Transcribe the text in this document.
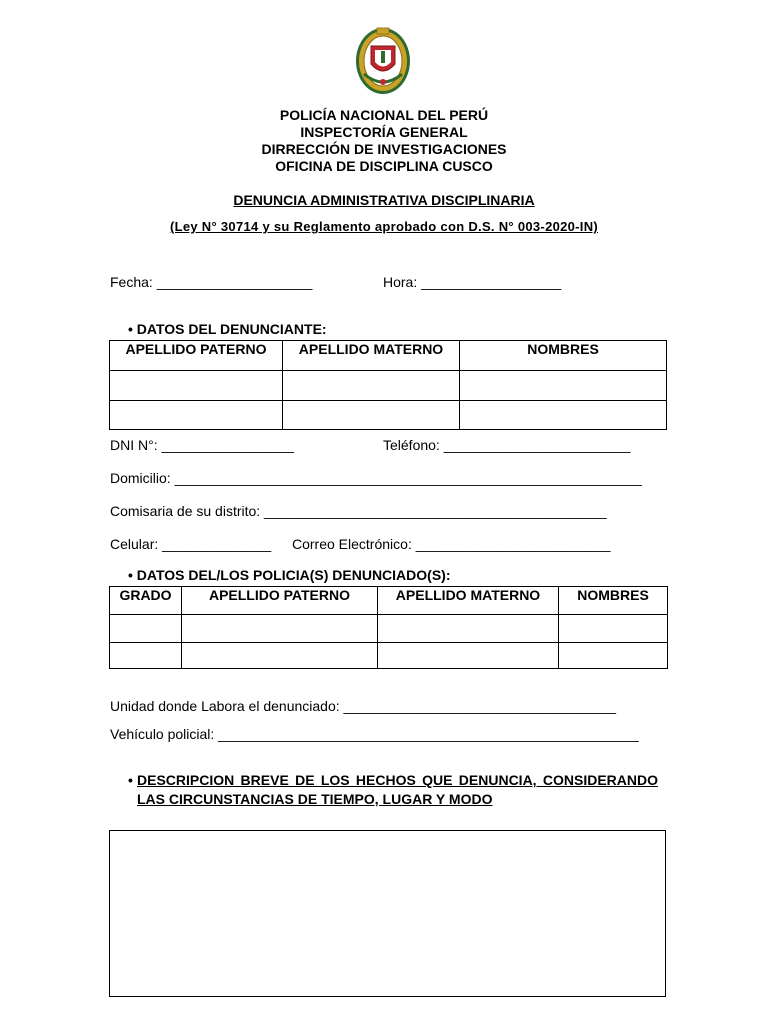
POLICÍA NACIONAL DEL PERÚ
INSPECTORÍA GENERAL
DIRRECCIÓN DE INVESTIGACIONES
OFICINA DE DISCIPLINA CUSCO
DENUNCIA ADMINISTRATIVA DISCIPLINARIA
(Ley N° 30714 y su Reglamento aprobado con D.S. N° 003-2020-IN)
Fecha: ____________________	Hora: __________________
• DATOS DEL DENUNCIANTE:
APELLIDO PATERNO	APELLIDO MATERNO	NOMBRES

DNI N°: _________________	Teléfono: ________________________
Domicilio: ____________________________________________________________
Comisaria de su distrito: ____________________________________________
Celular: ______________ Correo Electrónico: _________________________
• DATOS DEL/LOS POLICIA(S) DENUNCIADO(S):
GRADO	APELLIDO PATERNO	APELLIDO MATERNO	NOMBRES

Unidad donde Labora el denunciado: ___________________________________
Vehículo policial: ______________________________________________________
• DESCRIPCION BREVE DE LOS HECHOS QUE DENUNCIA, CONSIDERANDO LAS CIRCUNSTANCIAS DE TIEMPO, LUGAR Y MODO
